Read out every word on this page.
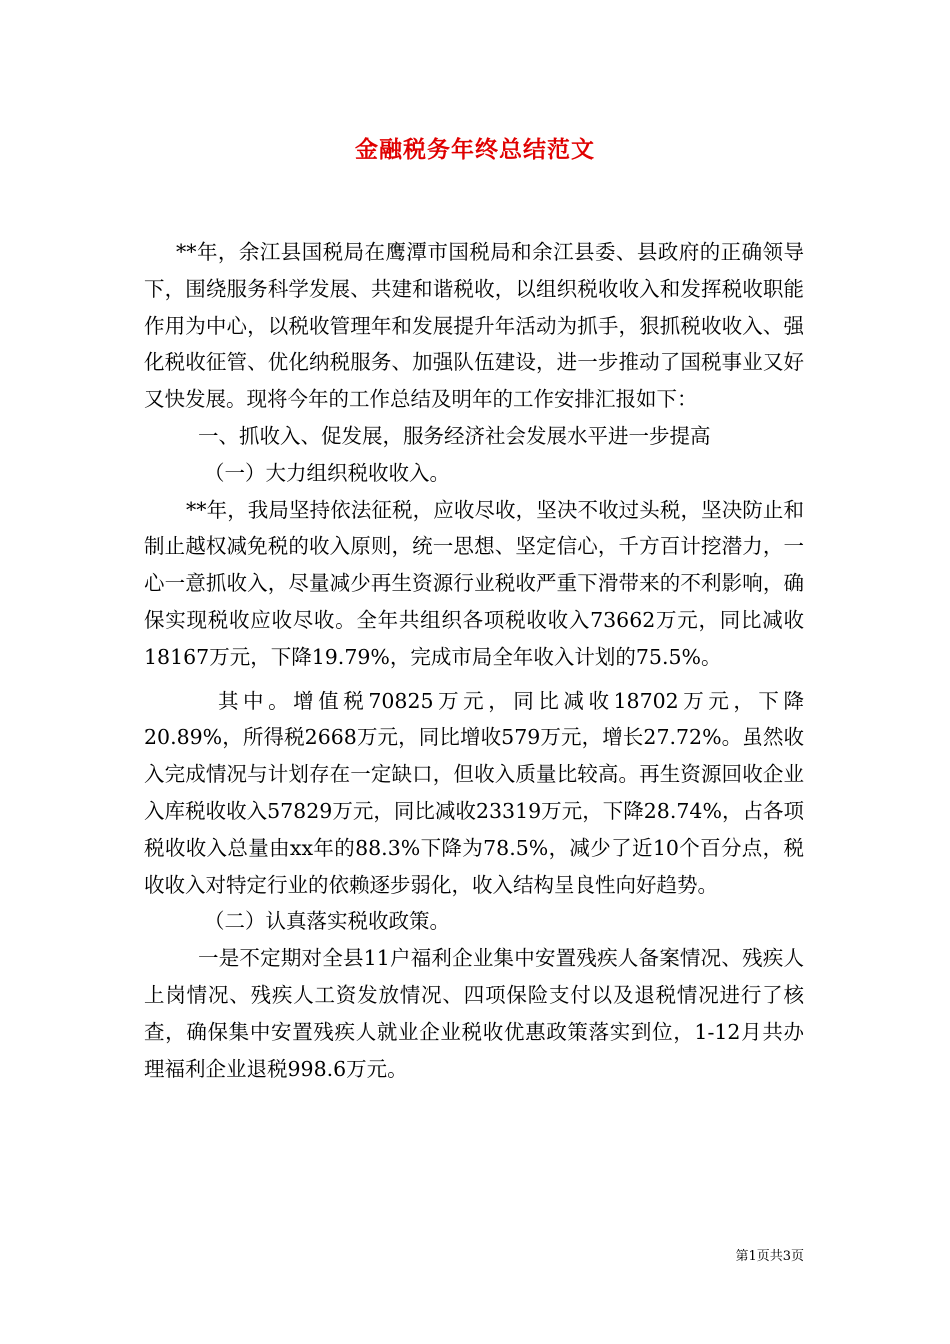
金融税务年终总结范文

**年，余江县国税局在鹰潭市国税局和余江县委、县政府的正确领导下，围绕服务科学发展、共建和谐税收，以组织税收收入和发挥税收职能作用为中心，以税收管理年和发展提升年活动为抓手，狠抓税收收入、强化税收征管、优化纳税服务、加强队伍建设，进一步推动了国税事业又好又快发展。现将今年的工作总结及明年的工作安排汇报如下：

一、抓收入、促发展，服务经济社会发展水平进一步提高

（一）大力组织税收收入。

**年，我局坚持依法征税，应收尽收，坚决不收过头税，坚决防止和制止越权减免税的收入原则，统一思想、坚定信心，千方百计挖潜力，一心一意抓收入，尽量减少再生资源行业税收严重下滑带来的不利影响，确保实现税收应收尽收。全年共组织各项税收收入73662万元，同比减收18167万元，下降19.79%，完成市局全年收入计划的75.5%。

其中。增值税70825万元，同比减收18702万元，下降20.89%，所得税2668万元，同比增收579万元，增长27.72%。虽然收入完成情况与计划存在一定缺口，但收入质量比较高。再生资源回收企业入库税收收入57829万元，同比减收23319万元，下降28.74%，占各项税收收入总量由xx年的88.3%下降为78.5%，减少了近10个百分点，税收收入对特定行业的依赖逐步弱化，收入结构呈良性向好趋势。

（二）认真落实税收政策。

一是不定期对全县11户福利企业集中安置残疾人备案情况、残疾人上岗情况、残疾人工资发放情况、四项保险支付以及退税情况进行了核查，确保集中安置残疾人就业企业税收优惠政策落实到位，1-12月共办理福利企业退税998.6万元。

第1页共3页
